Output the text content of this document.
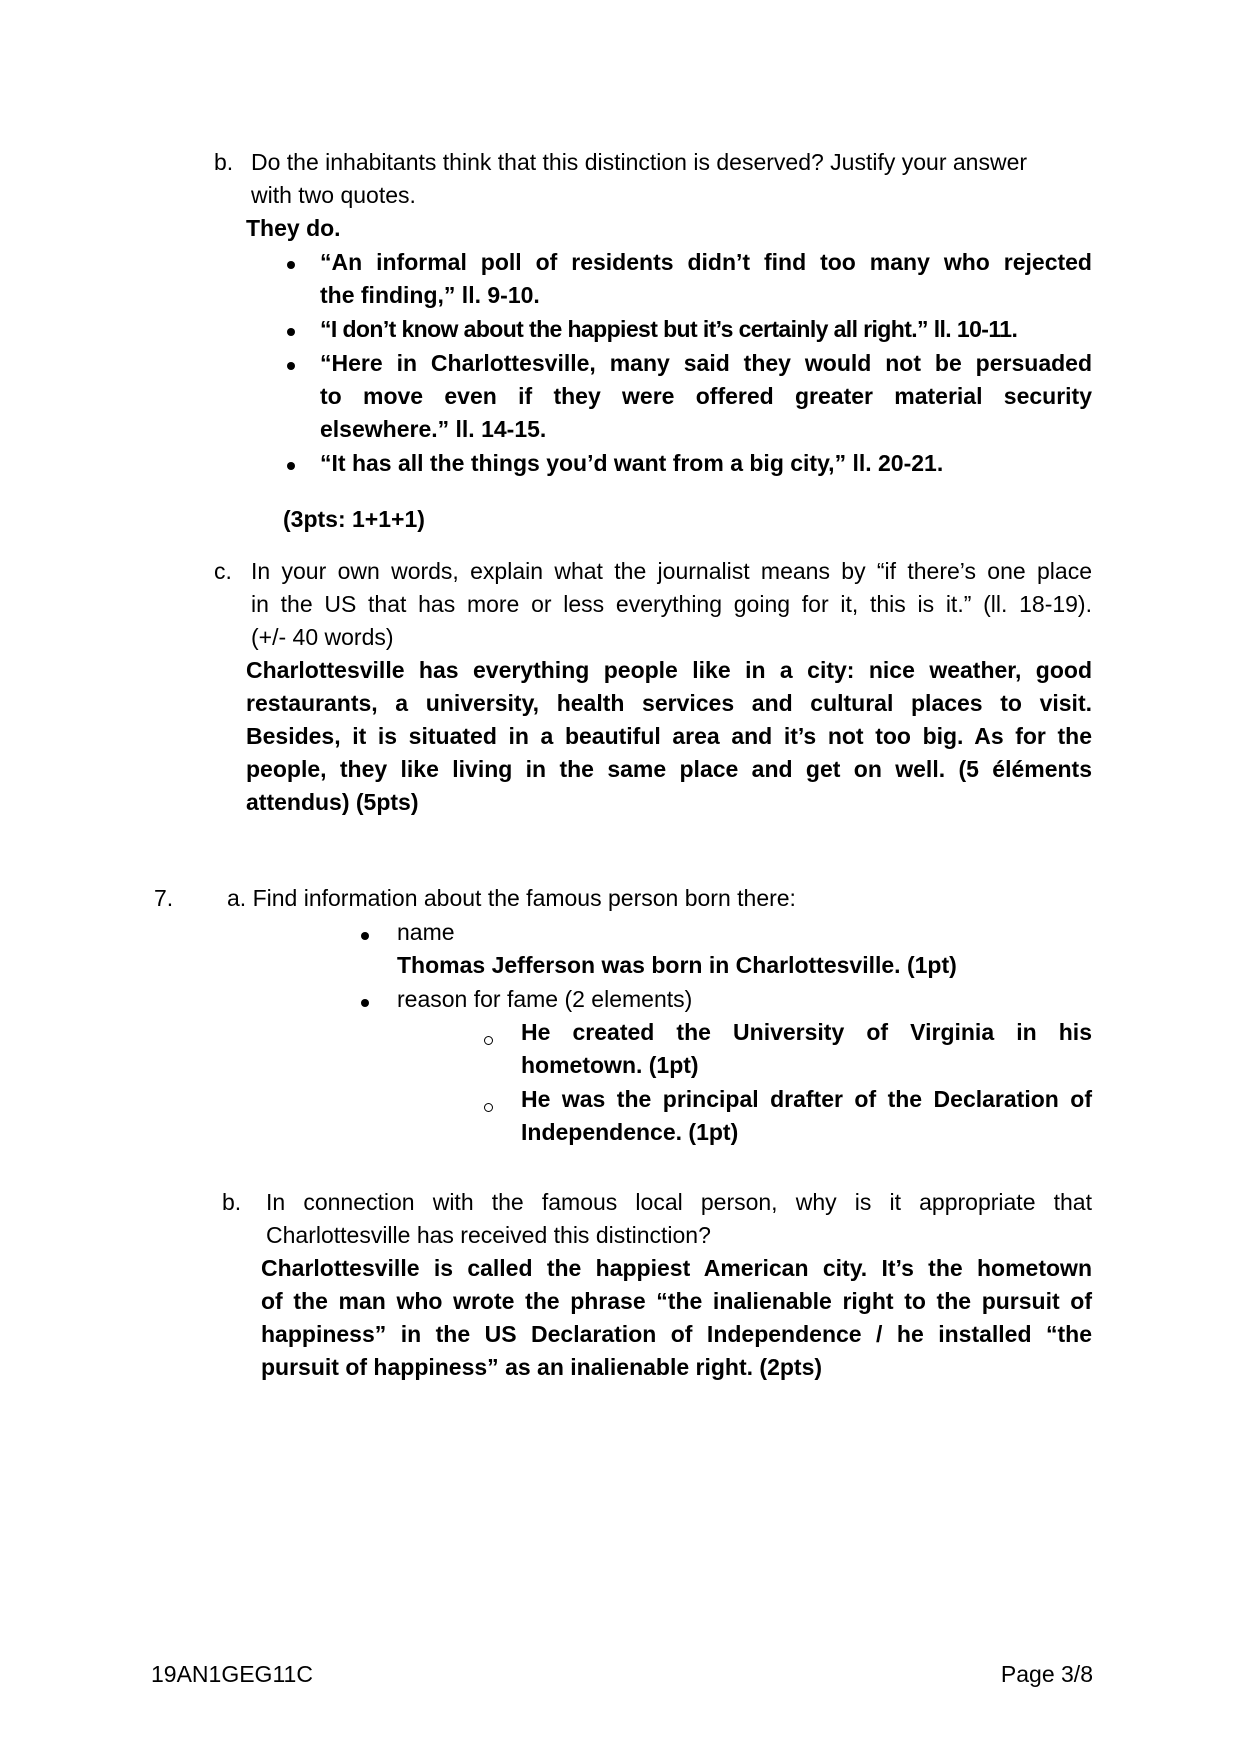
b. Do the inhabitants think that this distinction is deserved? Justify your answer
with two quotes.
They do.
“An informal poll of residents didn’t find too many who rejected
the finding,” ll. 9-10.
“I don’t know about the happiest but it’s certainly all right.” ll. 10-11.
“Here in Charlottesville, many said they would not be persuaded
to move even if they were offered greater material security
elsewhere.” ll. 14-15.
“It has all the things you’d want from a big city,” ll. 20-21.
(3pts: 1+1+1)
c. In your own words, explain what the journalist means by “if there’s one place
in the US that has more or less everything going for it, this is it.” (ll. 18-19).
(+/- 40 words)
Charlottesville has everything people like in a city: nice weather, good
restaurants, a university, health services and cultural places to visit.
Besides, it is situated in a beautiful area and it’s not too big. As for the
people, they like living in the same place and get on well. (5 éléments
attendus) (5pts)
7. a. Find information about the famous person born there:
name
Thomas Jefferson was born in Charlottesville. (1pt)
reason for fame (2 elements)
He created the University of Virginia in his
hometown. (1pt)
He was the principal drafter of the Declaration of
Independence. (1pt)
b. In connection with the famous local person, why is it appropriate that
Charlottesville has received this distinction?
Charlottesville is called the happiest American city. It’s the hometown
of the man who wrote the phrase “the inalienable right to the pursuit of
happiness” in the US Declaration of Independence / he installed “the
pursuit of happiness” as an inalienable right. (2pts)
19AN1GEG11C	Page 3/8
